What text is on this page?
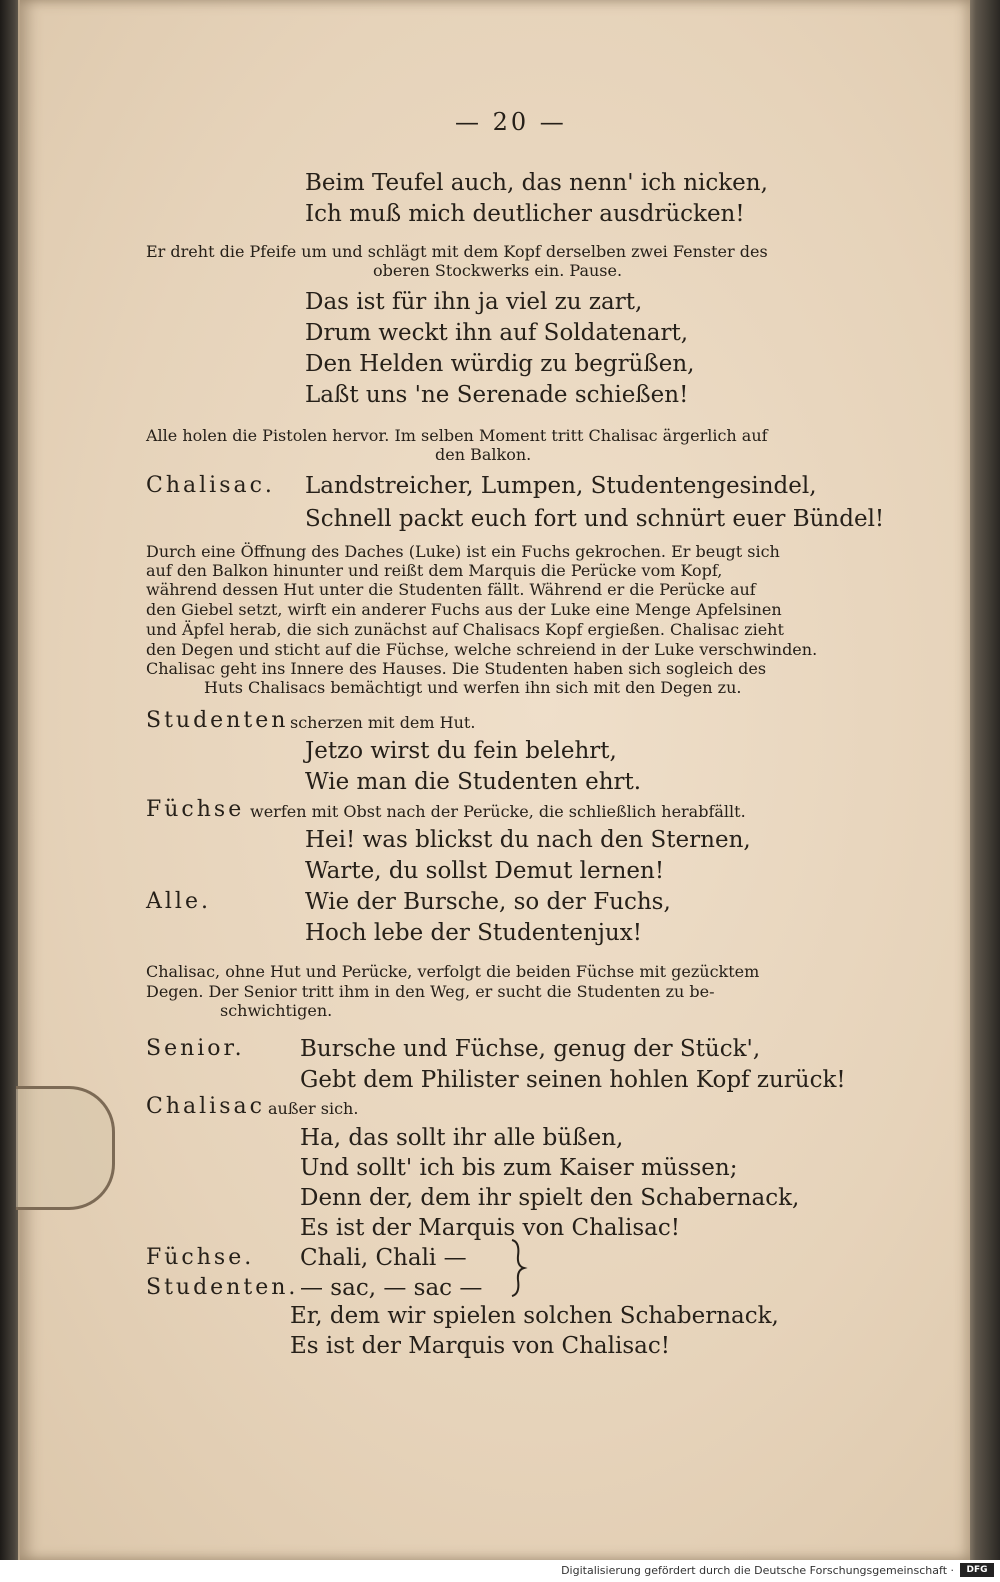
— 20 —
Beim Teufel auch, das nenn' ich nicken,
Ich muß mich deutlicher ausdrücken!
Er dreht die Pfeife um und schlägt mit dem Kopf derselben zwei Fenster des
oberen Stockwerks ein. Pause.
Das ist für ihn ja viel zu zart,
Drum weckt ihn auf Soldatenart,
Den Helden würdig zu begrüßen,
Laßt uns 'ne Serenade schießen!
Alle holen die Pistolen hervor. Im selben Moment tritt Chalisac ärgerlich auf
den Balkon.
Chalisac. Landstreicher, Lumpen, Studentengesindel,
Schnell packt euch fort und schnürt euer Bündel!
Durch eine Öffnung des Daches (Luke) ist ein Fuchs gekrochen. Er beugt sich
auf den Balkon hinunter und reißt dem Marquis die Perücke vom Kopf,
während dessen Hut unter die Studenten fällt. Während er die Perücke auf
den Giebel setzt, wirft ein anderer Fuchs aus der Luke eine Menge Apfelsinen
und Äpfel herab, die sich zunächst auf Chalisacs Kopf ergießen. Chalisac zieht
den Degen und sticht auf die Füchse, welche schreiend in der Luke verschwinden.
Chalisac geht ins Innere des Hauses. Die Studenten haben sich sogleich des
Huts Chalisacs bemächtigt und werfen ihn sich mit den Degen zu.
Studenten scherzen mit dem Hut.
Jetzo wirst du fein belehrt,
Wie man die Studenten ehrt.
Füchse werfen mit Obst nach der Perücke, die schließlich herabfällt.
Hei! was blickst du nach den Sternen,
Warte, du sollst Demut lernen!
Alle.	Wie der Bursche, so der Fuchs,
Hoch lebe der Studentenjux!
Chalisac, ohne Hut und Perücke, verfolgt die beiden Füchse mit gezücktem
Degen. Der Senior tritt ihm in den Weg, er sucht die Studenten zu be-
schwichtigen.
Senior. Bursche und Füchse, genug der Stück',
Gebt dem Philister seinen hohlen Kopf zurück!
Chalisac außer sich.
Ha, das sollt ihr alle büßen,
Und sollt' ich bis zum Kaiser müssen;
Denn der, dem ihr spielt den Schabernack,
Es ist der Marquis von Chalisac!
Füchse. Chali, Chali —
Studenten. — sac, — sac —
Er, dem wir spielen solchen Schabernack,
Es ist der Marquis von Chalisac!
Digitalisierung gefördert durch die Deutsche Forschungsgemeinschaft ·	DFG
